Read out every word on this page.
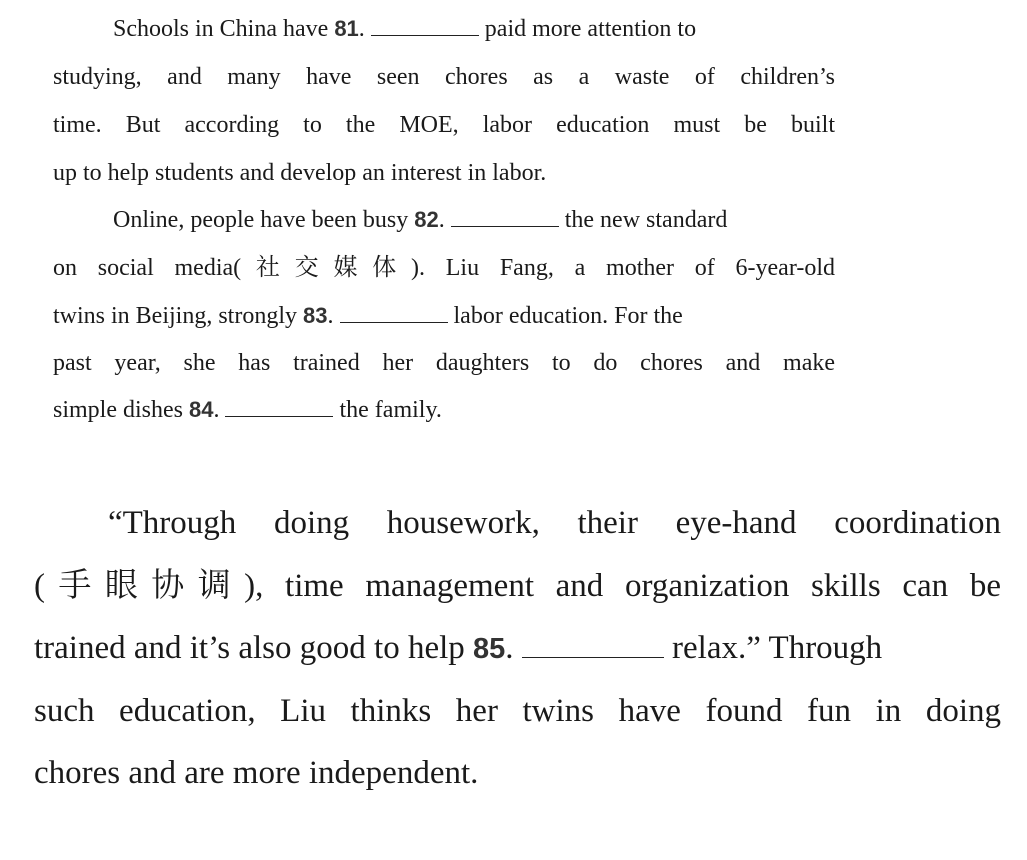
Schools in China have 81.	paid more attention to
studying, and many have seen chores as a waste of children’s
time. But according to the MOE, labor education must be built
up to help students and develop an interest in labor.
Online, people have been busy 82.	the new standard
on social media(社交媒体). Liu Fang, a mother of 6-year-old
twins in Beijing, strongly 83.	labor education. For the
past year, she has trained her daughters to do chores and make
simple dishes 84.	the family.
“Through doing housework, their eye-hand coordination
(手眼协调), time management and organization skills can be
trained and it’s also good to help 85.	relax.” Through
such education, Liu thinks her twins have found fun in doing
chores and are more independent.
